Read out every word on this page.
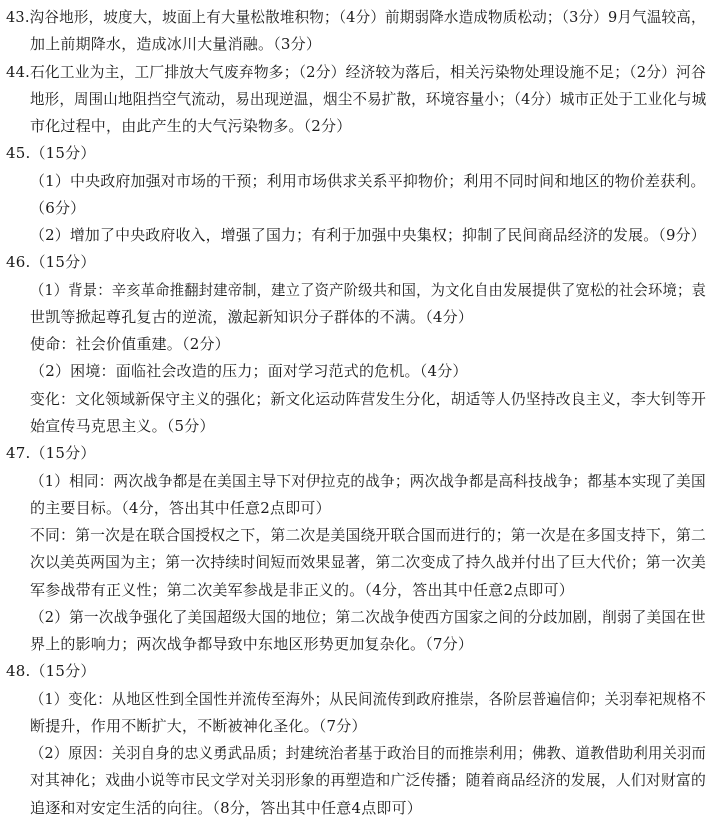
43.沟谷地形，坡度大，坡面上有大量松散堆积物；（4分）前期弱降水造成物质松动；（3分）9月气温较高，
加上前期降水，造成冰川大量消融。（3分）
44.石化工业为主，工厂排放大气废弃物多；（2分）经济较为落后，相关污染物处理设施不足；（2分）河谷
地形，周围山地阻挡空气流动，易出现逆温，烟尘不易扩散，环境容量小；（4分）城市正处于工业化与城
市化过程中，由此产生的大气污染物多。（2分）
45.（15分）
（1）中央政府加强对市场的干预；利用市场供求关系平抑物价；利用不同时间和地区的物价差获利。
（6分）
（2）增加了中央政府收入，增强了国力；有利于加强中央集权；抑制了民间商品经济的发展。（9分）
46.（15分）
（1）背景：辛亥革命推翻封建帝制，建立了资产阶级共和国，为文化自由发展提供了宽松的社会环境；袁
世凯等掀起尊孔复古的逆流，激起新知识分子群体的不满。（4分）
使命：社会价值重建。（2分）
（2）困境：面临社会改造的压力；面对学习范式的危机。（4分）
变化：文化领域新保守主义的强化；新文化运动阵营发生分化，胡适等人仍坚持改良主义，李大钊等开
始宣传马克思主义。（5分）
47.（15分）
（1）相同：两次战争都是在美国主导下对伊拉克的战争；两次战争都是高科技战争；都基本实现了美国
的主要目标。（4分，答出其中任意2点即可）
不同：第一次是在联合国授权之下，第二次是美国绕开联合国而进行的；第一次是在多国支持下，第二
次以美英两国为主；第一次持续时间短而效果显著，第二次变成了持久战并付出了巨大代价；第一次美
军参战带有正义性；第二次美军参战是非正义的。（4分，答出其中任意2点即可）
（2）第一次战争强化了美国超级大国的地位；第二次战争使西方国家之间的分歧加剧，削弱了美国在世
界上的影响力；两次战争都导致中东地区形势更加复杂化。（7分）
48.（15分）
（1）变化：从地区性到全国性并流传至海外；从民间流传到政府推崇，各阶层普遍信仰；关羽奉祀规格不
断提升，作用不断扩大，不断被神化圣化。（7分）
（2）原因：关羽自身的忠义勇武品质；封建统治者基于政治目的而推崇利用；佛教、道教借助利用关羽而
对其神化；戏曲小说等市民文学对关羽形象的再塑造和广泛传播；随着商品经济的发展，人们对财富的
追逐和对安定生活的向往。（8分，答出其中任意4点即可）
